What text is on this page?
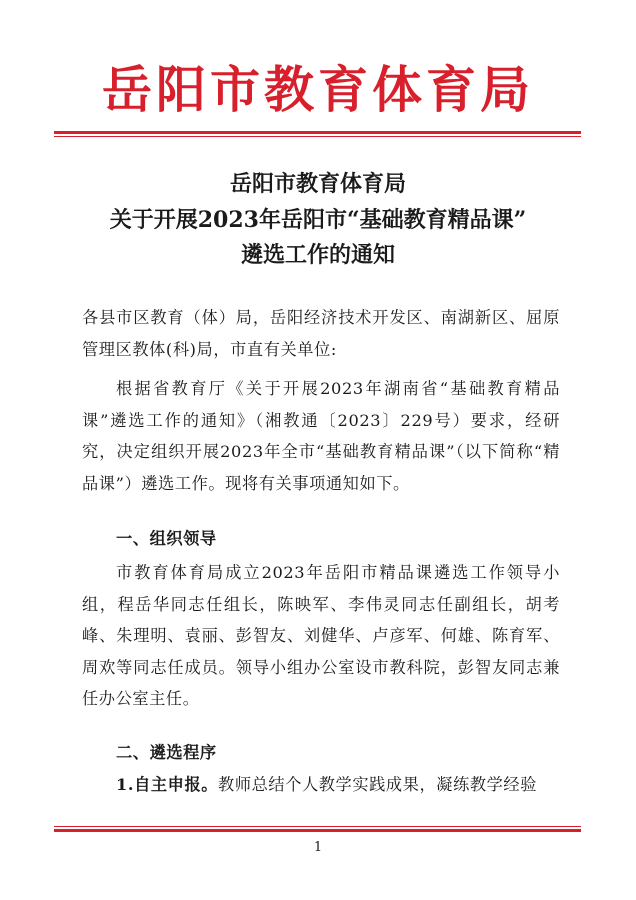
岳阳市教育体育局
岳阳市教育体育局
关于开展2023年岳阳市“基础教育精品课”
遴选工作的通知

各县市区教育（体）局，岳阳经济技术开发区、南湖新区、屈原管理区教体(科)局，市直有关单位:

根据省教育厅《关于开展2023年湖南省“基础教育精品课”遴选工作的通知》（湘教通〔2023〕229号）要求，经研究，决定组织开展2023年全市“基础教育精品课”（以下简称“精品课”）遴选工作。现将有关事项通知如下。

一、组织领导

市教育体育局成立2023年岳阳市精品课遴选工作领导小组，程岳华同志任组长，陈映军、李伟灵同志任副组长，胡考峰、朱理明、袁丽、彭智友、刘健华、卢彦军、何雄、陈育军、周欢等同志任成员。领导小组办公室设市教科院，彭智友同志兼任办公室主任。

二、遴选程序

1.自主申报。教师总结个人教学实践成果，凝练教学经验

1
